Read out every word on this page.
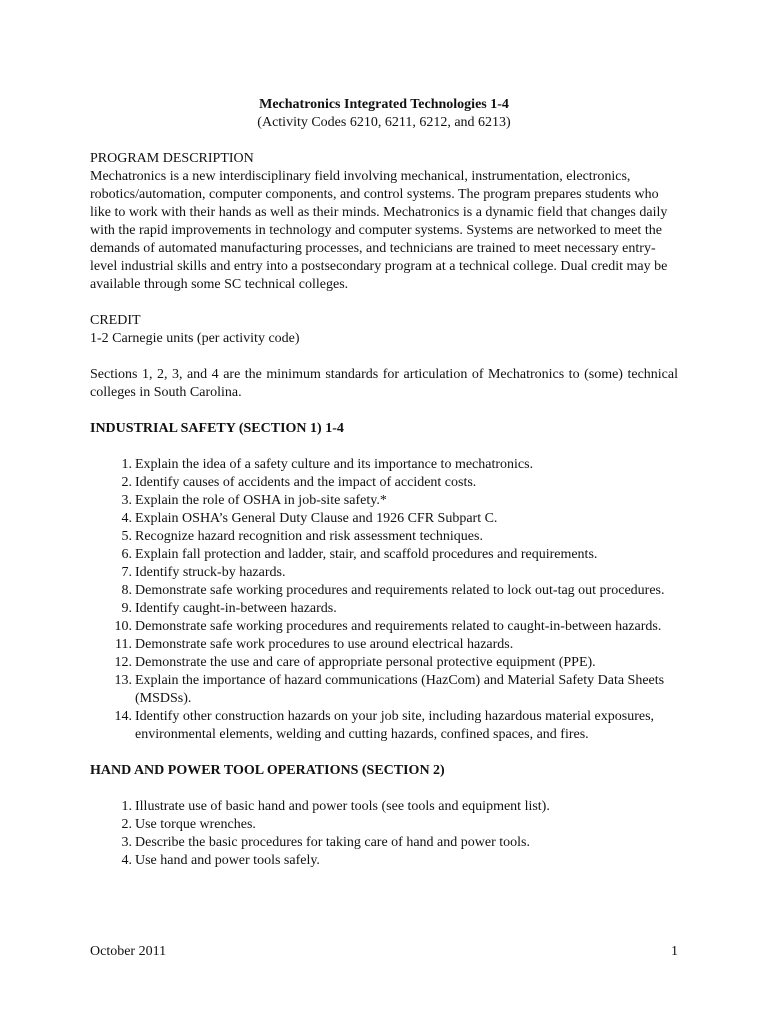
Mechatronics Integrated Technologies 1-4
(Activity Codes 6210, 6211, 6212, and 6213)
PROGRAM DESCRIPTION
Mechatronics is a new interdisciplinary field involving mechanical, instrumentation, electronics, robotics/automation, computer components, and control systems. The program prepares students who like to work with their hands as well as their minds. Mechatronics is a dynamic field that changes daily with the rapid improvements in technology and computer systems. Systems are networked to meet the demands of automated manufacturing processes, and technicians are trained to meet necessary entry-level industrial skills and entry into a postsecondary program at a technical college. Dual credit may be available through some SC technical colleges.
CREDIT
1-2 Carnegie units (per activity code)
Sections 1, 2, 3, and 4 are the minimum standards for articulation of Mechatronics to (some) technical colleges in South Carolina.
INDUSTRIAL SAFETY (SECTION 1) 1-4
1. Explain the idea of a safety culture and its importance to mechatronics.
2. Identify causes of accidents and the impact of accident costs.
3. Explain the role of OSHA in job-site safety.*
4. Explain OSHA’s General Duty Clause and 1926 CFR Subpart C.
5. Recognize hazard recognition and risk assessment techniques.
6. Explain fall protection and ladder, stair, and scaffold procedures and requirements.
7. Identify struck-by hazards.
8. Demonstrate safe working procedures and requirements related to lock out-tag out procedures.
9. Identify caught-in-between hazards.
10. Demonstrate safe working procedures and requirements related to caught-in-between hazards.
11. Demonstrate safe work procedures to use around electrical hazards.
12. Demonstrate the use and care of appropriate personal protective equipment (PPE).
13. Explain the importance of hazard communications (HazCom) and Material Safety Data Sheets (MSDSs).
14. Identify other construction hazards on your job site, including hazardous material exposures, environmental elements, welding and cutting hazards, confined spaces, and fires.
HAND AND POWER TOOL OPERATIONS (SECTION 2)
1. Illustrate use of basic hand and power tools (see tools and equipment list).
2. Use torque wrenches.
3. Describe the basic procedures for taking care of hand and power tools.
4. Use hand and power tools safely.
October 2011	1
